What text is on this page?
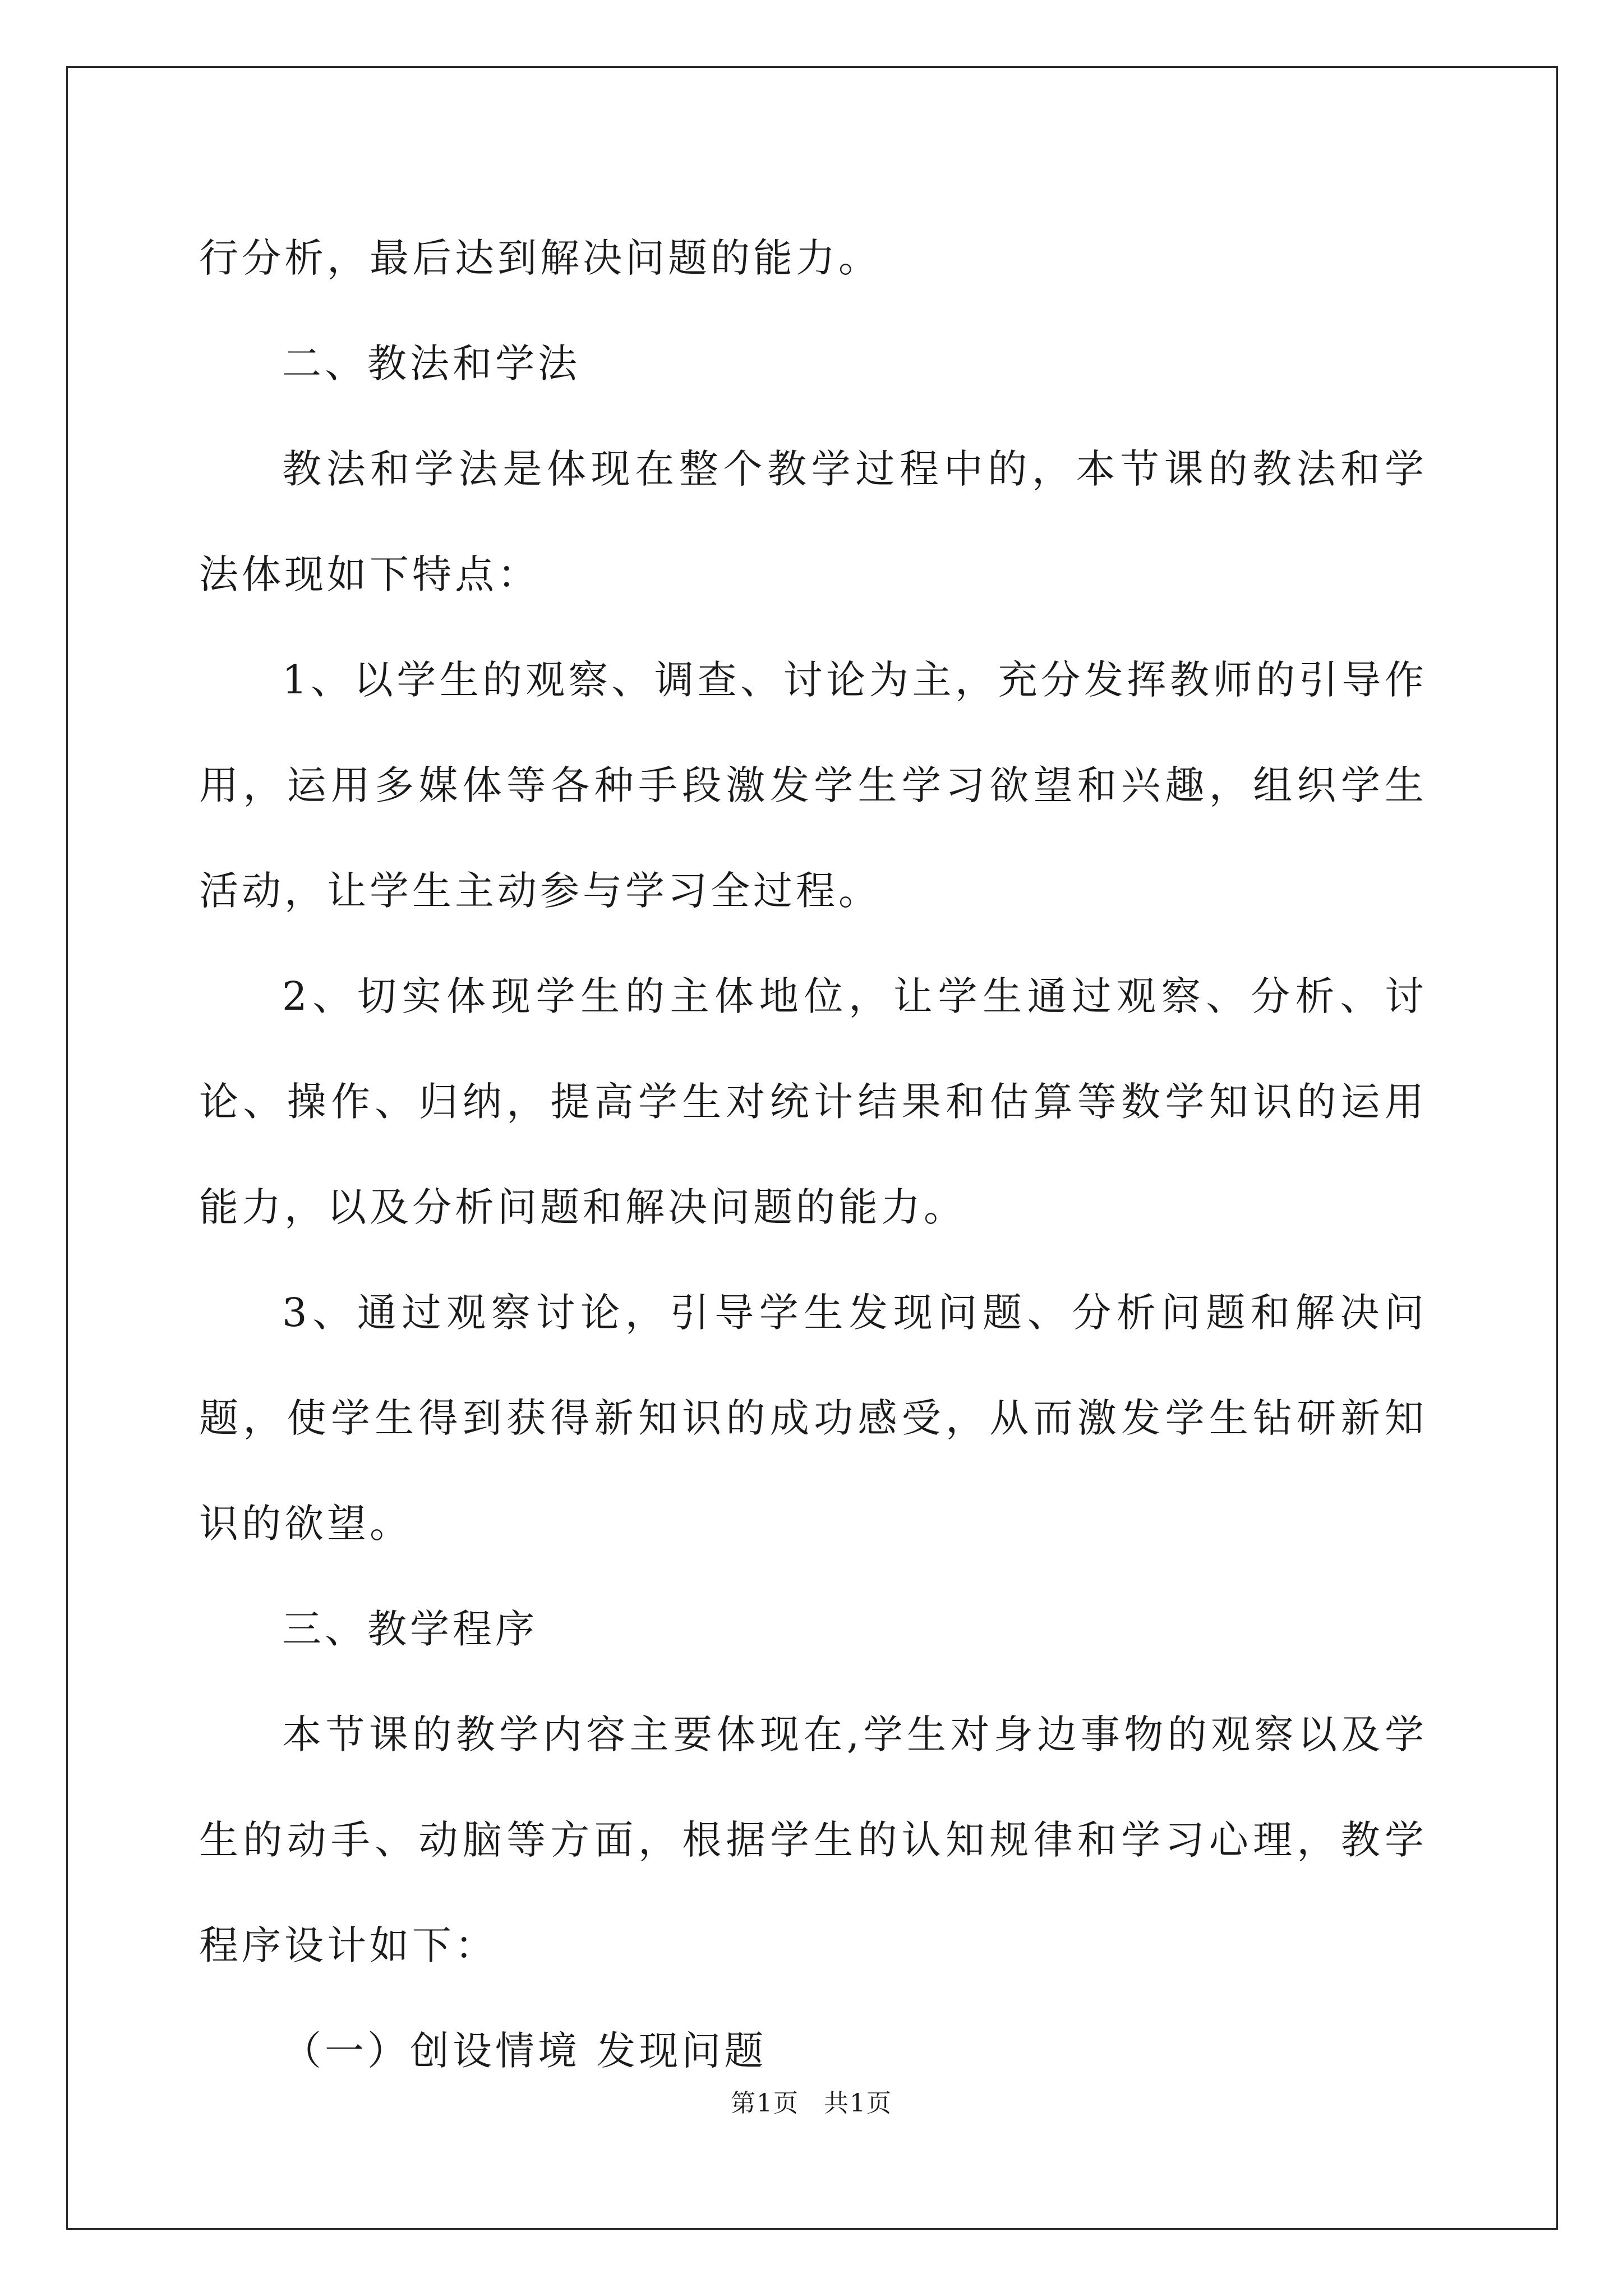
行分析，最后达到解决问题的能力。

二、教法和学法

教法和学法是体现在整个教学过程中的，本节课的教法和学法体现如下特点：

1、以学生的观察、调查、讨论为主，充分发挥教师的引导作用，运用多媒体等各种手段激发学生学习欲望和兴趣，组织学生活动，让学生主动参与学习全过程。

2、切实体现学生的主体地位，让学生通过观察、分析、讨论、操作、归纳，提高学生对统计结果和估算等数学知识的运用能力，以及分析问题和解决问题的能力。

3、通过观察讨论，引导学生发现问题、分析问题和解决问题，使学生得到获得新知识的成功感受，从而激发学生钻研新知识的欲望。

三、教学程序

本节课的教学内容主要体现在,学生对身边事物的观察以及学生的动手、动脑等方面，根据学生的认知规律和学习心理，教学程序设计如下：

（一）创设情境 发现问题

第1页 共1页
